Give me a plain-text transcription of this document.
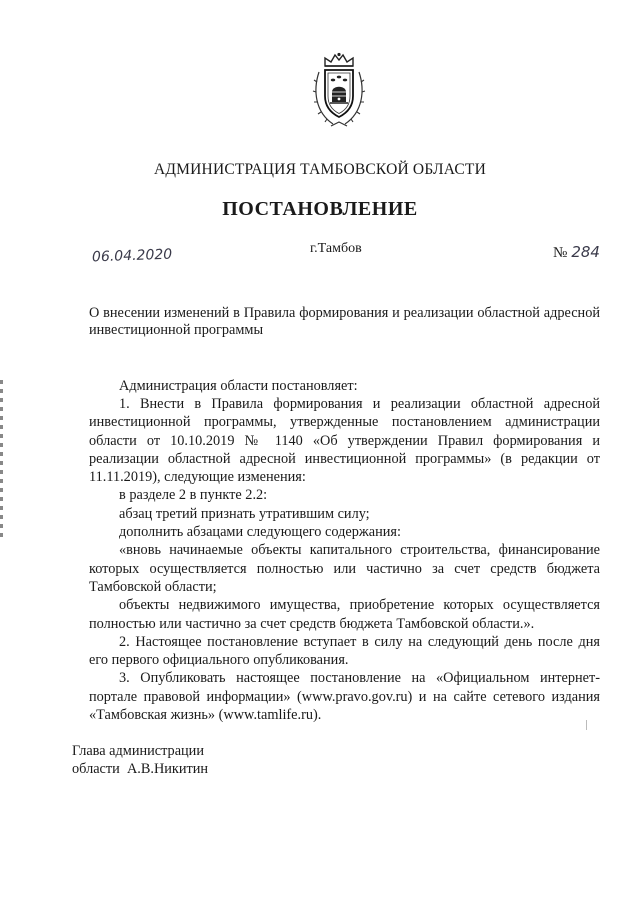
АДМИНИСТРАЦИЯ ТАМБОВСКОЙ ОБЛАСТИ
ПОСТАНОВЛЕНИЕ
06.04.2020	г.Тамбов	№ 284
О внесении изменений в Правила формирования и реализации областной адресной инвестиционной программы
Администрация области постановляет:

1. Внести в Правила формирования и реализации областной адресной инвестиционной программы, утвержденные постановлением администрации области от 10.10.2019 № 1140 «Об утверждении Правил формирования и реализации областной адресной инвестиционной программы» (в редакции от 11.11.2019), следующие изменения:

в разделе 2 в пункте 2.2:

абзац третий признать утратившим силу;

дополнить абзацами следующего содержания:

«вновь начинаемые объекты капитального строительства, финансирование которых осуществляется полностью или частично за счет средств бюджета Тамбовской области;

объекты недвижимого имущества, приобретение которых осуществляется полностью или частично за счет средств бюджета Тамбовской области.».

2. Настоящее постановление вступает в силу на следующий день после дня его первого официального опубликования.

3. Опубликовать настоящее постановление на «Официальном интернет-портале правовой информации» (www.pravo.gov.ru) и на сайте сетевого издания «Тамбовская жизнь» (www.tamlife.ru).

Глава администрации
области  А.В.Никитин
